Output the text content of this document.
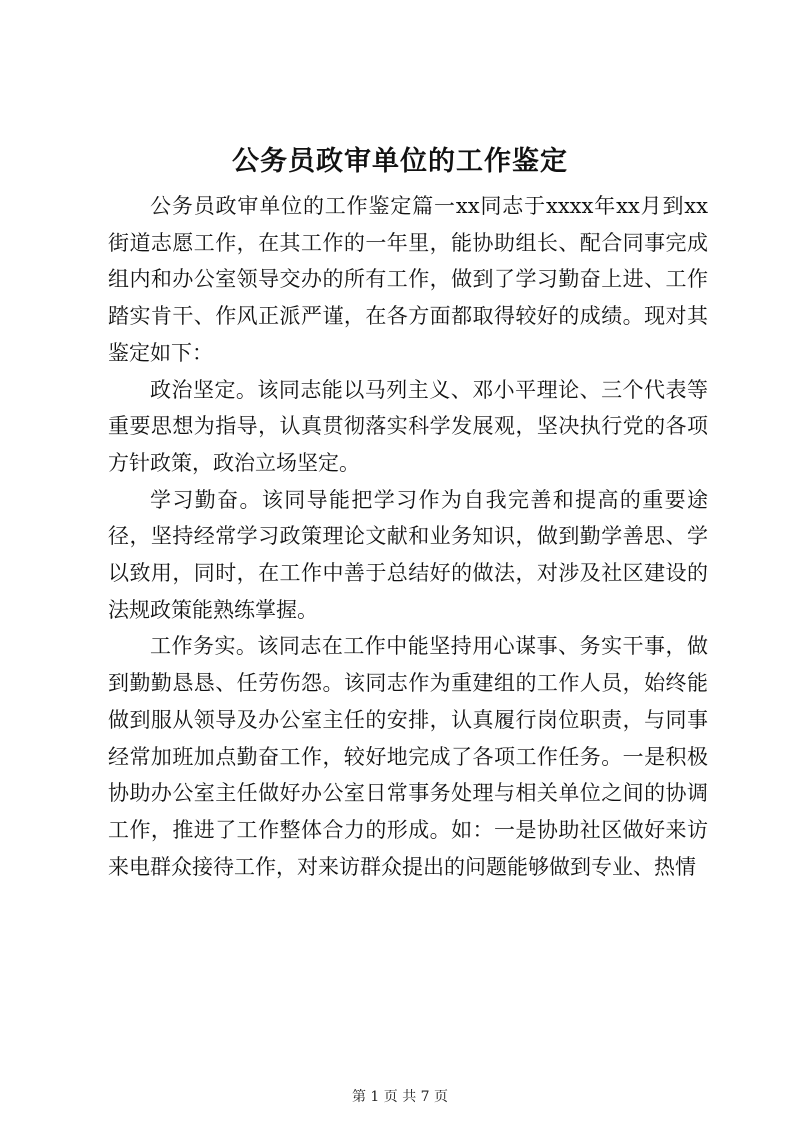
公务员政审单位的工作鉴定

公务员政审单位的工作鉴定篇一xx同志于xxxx年xx月到xx街道志愿工作，在其工作的一年里，能协助组长、配合同事完成组内和办公室领导交办的所有工作，做到了学习勤奋上进、工作踏实肯干、作风正派严谨，在各方面都取得较好的成绩。现对其鉴定如下：

政治坚定。该同志能以马列主义、邓小平理论、三个代表等重要思想为指导，认真贯彻落实科学发展观，坚决执行党的各项方针政策，政治立场坚定。

学习勤奋。该同导能把学习作为自我完善和提高的重要途径，坚持经常学习政策理论文献和业务知识，做到勤学善思、学以致用，同时，在工作中善于总结好的做法，对涉及社区建设的法规政策能熟练掌握。

工作务实。该同志在工作中能坚持用心谋事、务实干事，做到勤勤恳恳、任劳伤怨。该同志作为重建组的工作人员，始终能做到服从领导及办公室主任的安排，认真履行岗位职责，与同事经常加班加点勤奋工作，较好地完成了各项工作任务。一是积极协助办公室主任做好办公室日常事务处理与相关单位之间的协调工作，推进了工作整体合力的形成。如：一是协助社区做好来访来电群众接待工作，对来访群众提出的问题能够做到专业、热情

第 1 页 共 7 页
